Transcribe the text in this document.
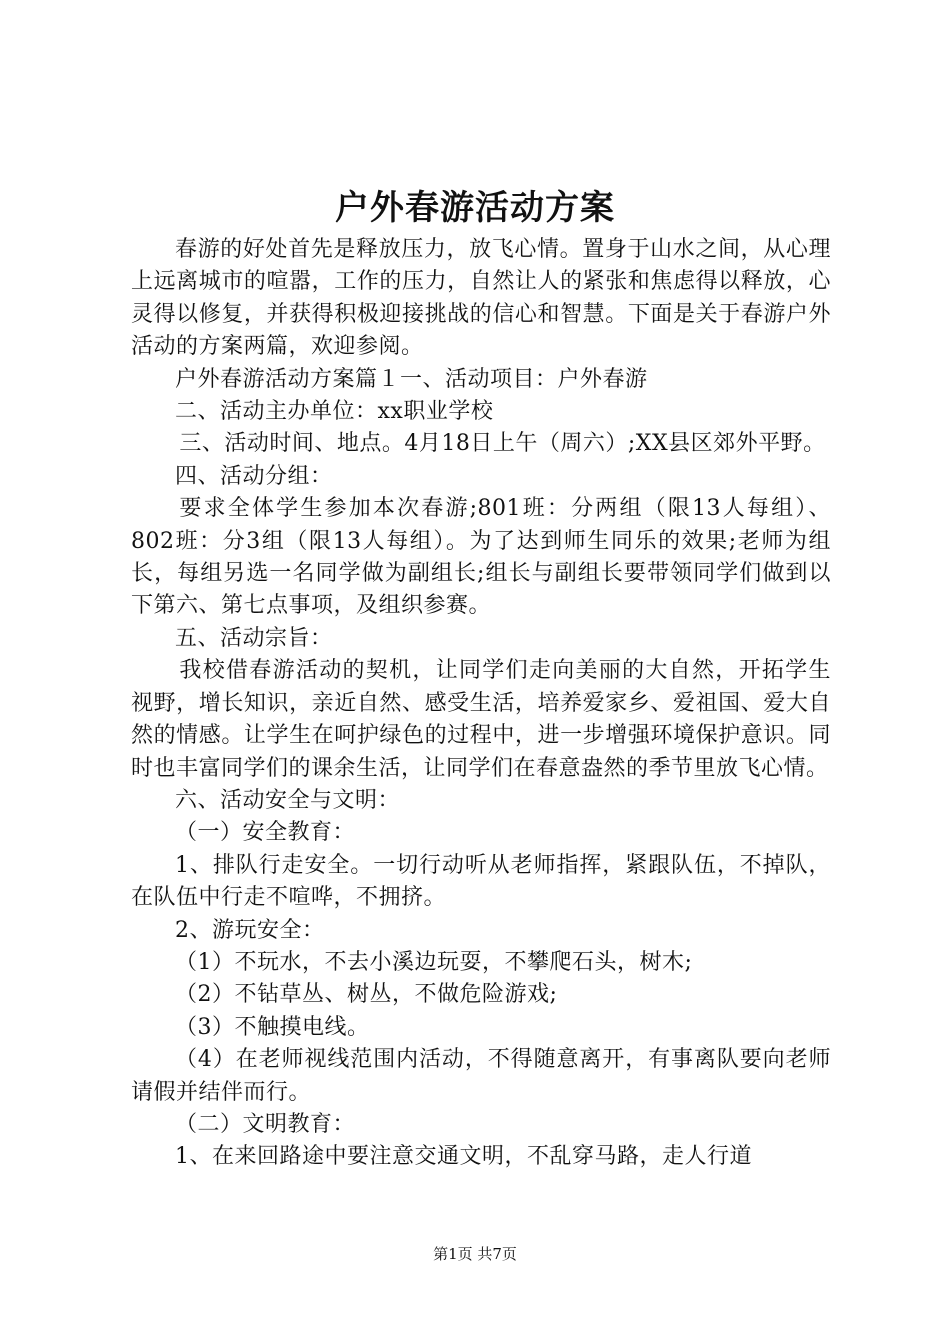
户外春游活动方案

春游的好处首先是释放压力，放飞心情。置身于山水之间，从心理上远离城市的喧嚣，工作的压力，自然让人的紧张和焦虑得以释放，心灵得以修复，并获得积极迎接挑战的信心和智慧。下面是关于春游户外活动的方案两篇，欢迎参阅。

户外春游活动方案篇１一、活动项目：户外春游

二、活动主办单位：xx职业学校

三、活动时间、地点。4月18日上午（周六）;XX县区郊外平野。

四、活动分组：

要求全体学生参加本次春游;801班：分两组（限13人每组）、802班：分3组（限13人每组）。为了达到师生同乐的效果;老师为组长，每组另选一名同学做为副组长;组长与副组长要带领同学们做到以下第六、第七点事项，及组织参赛。

五、活动宗旨：

我校借春游活动的契机，让同学们走向美丽的大自然，开拓学生视野，增长知识，亲近自然、感受生活，培养爱家乡、爱祖国、爱大自然的情感。让学生在呵护绿色的过程中，进一步增强环境保护意识。同时也丰富同学们的课余生活，让同学们在春意盎然的季节里放飞心情。

六、活动安全与文明：

（一）安全教育：

1、排队行走安全。一切行动听从老师指挥，紧跟队伍，不掉队，在队伍中行走不喧哗，不拥挤。

2、游玩安全：

（1）不玩水，不去小溪边玩耍，不攀爬石头，树木;

（2）不钻草丛、树丛，不做危险游戏;

（3）不触摸电线。

（4）在老师视线范围内活动，不得随意离开，有事离队要向老师请假并结伴而行。

（二）文明教育：

1、在来回路途中要注意交通文明，不乱穿马路，走人行道

第1页 共7页
